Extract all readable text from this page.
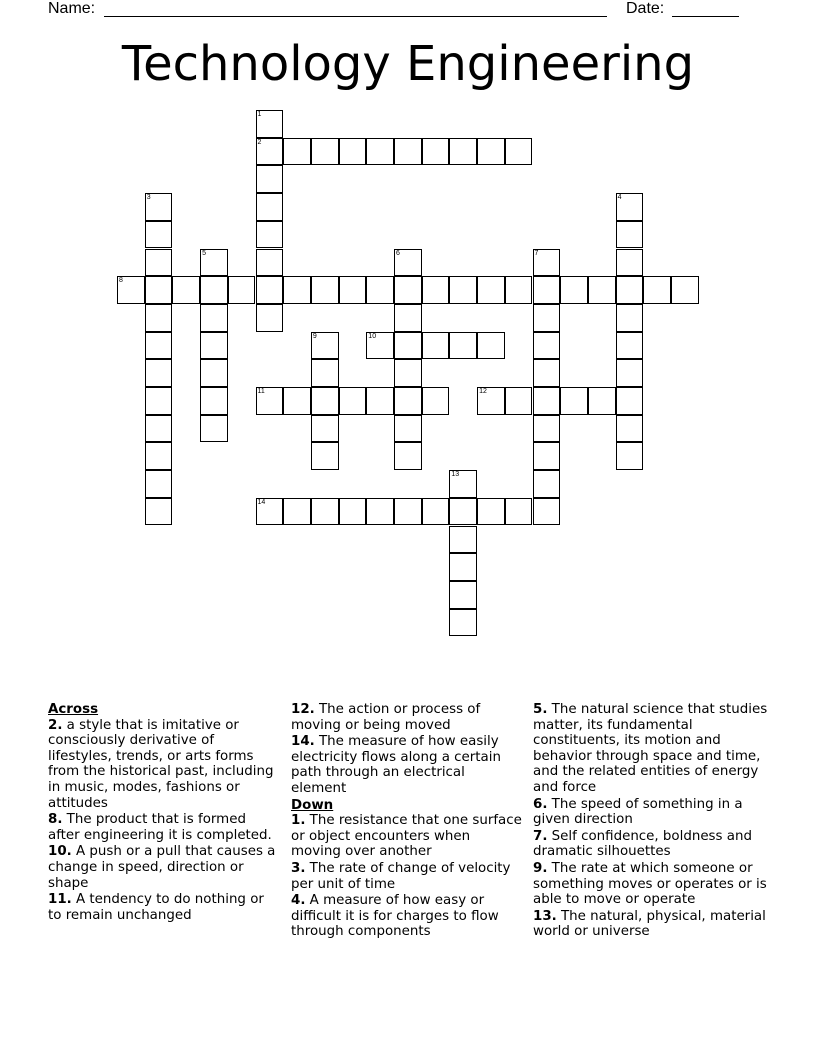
Name:	Date:
Technology Engineering
1
2
3	4
5	6	7
9
13
8
10
11	12
14
Across
2. a style that is imitative or consciously derivative of lifestyles, trends, or arts forms from the historical past, including in music, modes, fashions or attitudes
8. The product that is formed after engineering it is completed.
10. A push or a pull that causes a change in speed, direction or shape
11. A tendency to do nothing or to remain unchanged
12. The action or process of moving or being moved
14. The measure of how easily electricity flows along a certain path through an electrical element
Down
1. The resistance that one surface or object encounters when moving over another
3. The rate of change of velocity per unit of time
4. A measure of how easy or difficult it is for charges to flow through components
5. The natural science that studies matter, its fundamental constituents, its motion and behavior through space and time, and the related entities of energy and force
6. The speed of something in a given direction
7. Self confidence, boldness and dramatic silhouettes
9. The rate at which someone or something moves or operates or is able to move or operate
13. The natural, physical, material world or universe
